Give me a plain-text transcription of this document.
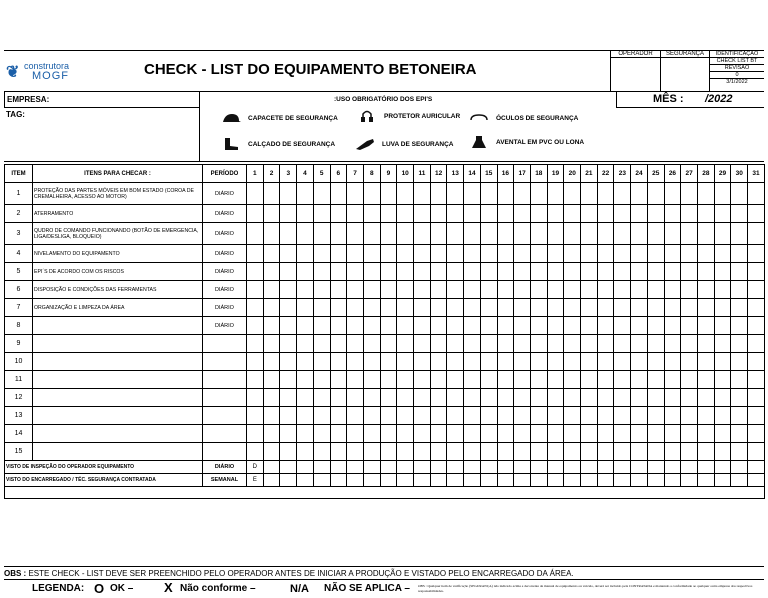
❦ construtora
MOGF	CHECK - LIST DO EQUIPAMENTO BETONEIRA
OPERADOR	SEGURANÇA	IDENTIFICAÇÃO
CHECK LIST BT
REVISÃO
0
3/1/2022
EMPRESA:
TAG:
:USO OBRIGATÓRIO DOS EPI'S	MÊS : /2022
CAPACETE DE SEGURANÇA	PROTETOR AURICULAR	ÓCULOS DE SEGURANÇA
CALÇADO DE SEGURANÇA	LUVA DE SEGURANÇA	AVENTAL EM PVC OU LONA
ITEM	ITENS PARA CHECAR :	PERÍODO	1	2	3	4	5	6	7	8	9	10	11	12	13	14	15	16	17	18	19	20	21	22	23	24	25	26	27	28	29	30	31
1	PROTEÇÃO DAS PARTES MÓVEIS EM BOM ESTADO (COROA DE CREMALHEIRA, ACESSO AO MOTOR)	DIÁRIO																															
2	ATERRAMENTO	DIÁRIO																															
3	QUDRO DE COMANDO FUNCIONANDO (BOTÃO DE EMERGENCIA, LIGA/DESLIGA, BLOQUEIO)	DIÁRIO																															
4	NIVELAMENTO DO EQUIPAMENTO	DIÁRIO																															
5	EPI´S DE ACORDO COM OS RISCOS	DIÁRIO																															
6	DISPOSIÇÃO E CONDIÇÕES DAS FERRAMENTAS	DIÁRIO																															
7	ORGANIZAÇÃO E LIMPEZA DA ÁREA	DIÁRIO																															
8		DIÁRIO																															
9																																	
10																																	
11																																	
12																																	
13																																	
14																																	
15																																	
VISTO DE INSPEÇÃO DO OPERADOR EQUIPAMENTO		DIÁRIO	D																														
VISTO DO ENCARREGADO / TÉC. SEGURANÇA CONTRATADA		SEMANAL	E																														

OBS : ESTE CHECK - LIST DEVE SER PREENCHIDO PELO OPERADOR ANTES DE INICIAR A PRODUÇÃO E VISTADO PELO ENCARREGADO DA ÁREA.
LEGENDA: O OK – X Não conforme –	N/A NÃO SE APLICA – OBS : Qualquer item de verificação (SEGURANÇA) não indicado acima e decorrente de manual de equipamento ou veículo, deverá ser incluído pela CONTRATADA e mantendo a conformidade ao qualquer outra empresa dos respectivos responsabilidades.
